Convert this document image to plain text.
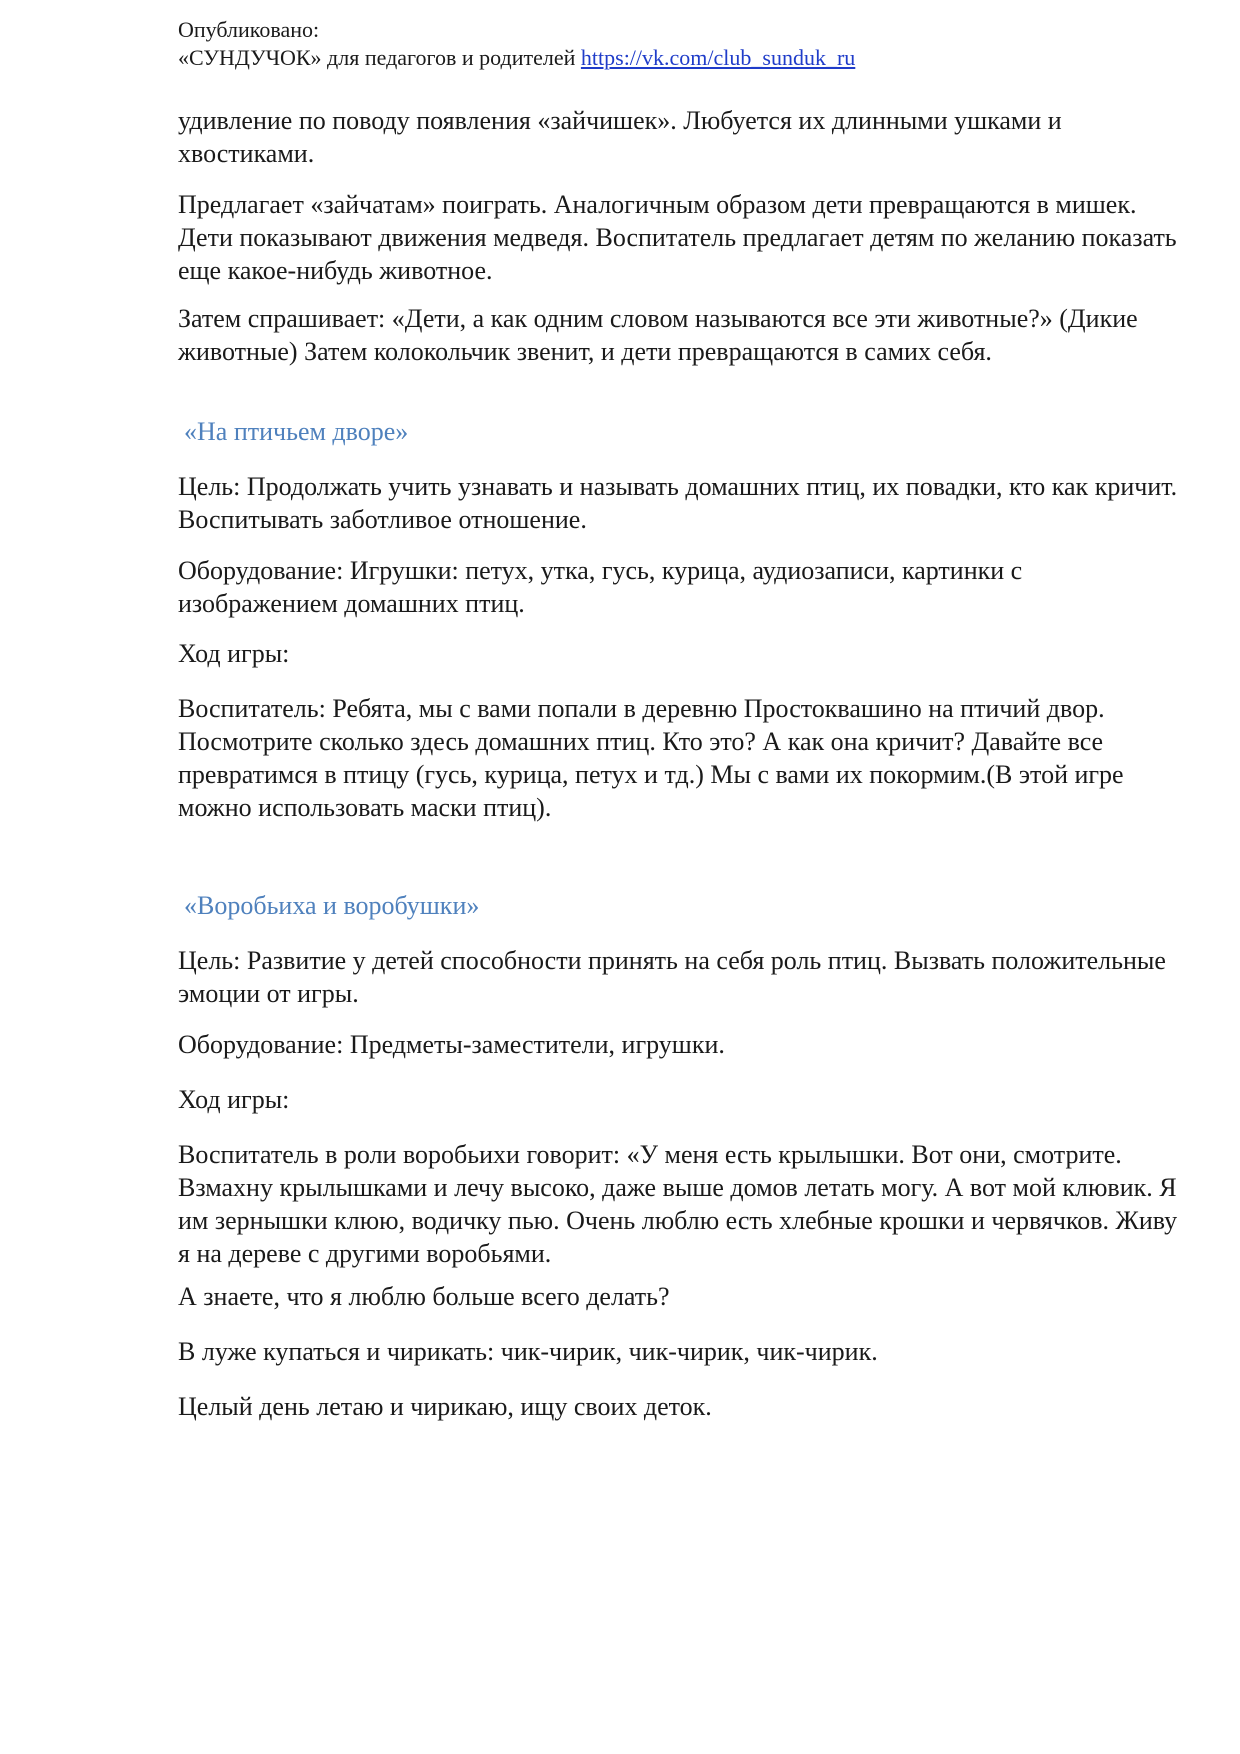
Опубликовано:
«СУНДУЧОК» для педагогов и родителей https://vk.com/club_sunduk_ru

удивление по поводу появления «зайчишек». Любуется их длинными ушками и хвостиками.

Предлагает «зайчатам» поиграть. Аналогичным образом дети превращаются в мишек. Дети показывают движения медведя. Воспитатель предлагает детям по желанию показать еще какое-нибудь животное.

Затем спрашивает: «Дети, а как одним словом называются все эти животные?» (Дикие животные) Затем колокольчик звенит, и дети превращаются в самих себя.

«На птичьем дворе»

Цель: Продолжать учить узнавать и называть домашних птиц, их повадки, кто как кричит. Воспитывать заботливое отношение.

Оборудование: Игрушки: петух, утка, гусь, курица, аудиозаписи, картинки с изображением домашних птиц.

Ход игры:

Воспитатель: Ребята, мы с вами попали в деревню Простоквашино на птичий двор. Посмотрите сколько здесь домашних птиц. Кто это? А как она кричит? Давайте все превратимся в птицу (гусь, курица, петух и тд.) Мы с вами их покормим.(В этой игре можно использовать маски птиц).

«Воробьиха и воробушки»

Цель: Развитие у детей способности принять на себя роль птиц. Вызвать положительные эмоции от игры.

Оборудование: Предметы-заместители, игрушки.

Ход игры:

Воспитатель в роли воробьихи говорит: «У меня есть крылышки. Вот они, смотрите. Взмахну крылышками и лечу высоко, даже выше домов летать могу. А вот мой клювик. Я им зернышки клюю, водичку пью. Очень люблю есть хлебные крошки и червячков. Живу я на дереве с другими воробьями.

А знаете, что я люблю больше всего делать?

В луже купаться и чирикать: чик-чирик, чик-чирик, чик-чирик.

Целый день летаю и чирикаю, ищу своих деток.
